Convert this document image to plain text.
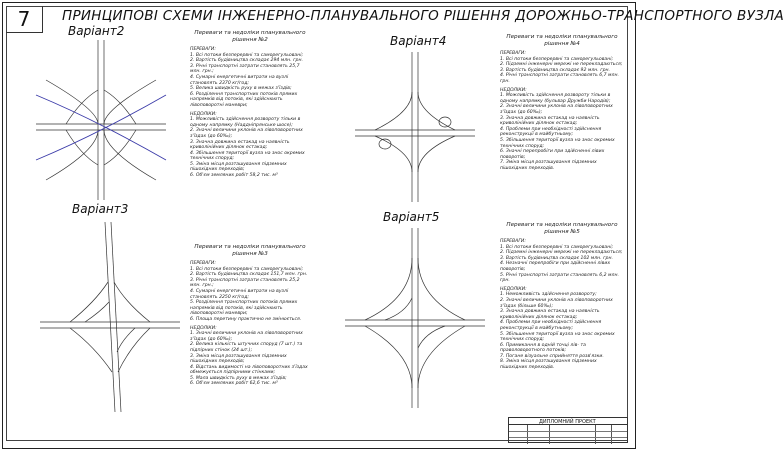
7	ПРИНЦИПОВІ СХЕМИ ІНЖЕНЕРНО-ПЛАНУВАЛЬНОГО РІШЕННЯ ДОРОЖНЬО-ТРАНСПОРТНОГО ВУЗЛА
Варіант2
Варіант3
Варіант4
Варіант5
Переваги та недоліки планувального рішення №2
ПЕРЕВАГИ:
1. Всі потоки безперервні та саморегульовані;
2. Вартість будівництва складає 294 млн. грн.
3. Річні транспортні затрати становлять 25,7 млн. грн.;
4. Сумарні енергетичні витрати на вузлі становлять 2370 кг/год;
5. Велика швидкість руху в межах з'їздів;
6. Розділення транспортних потоків прямих напрямків від потоків, які здійснюють лівоповоротні маневри;
НЕДОЛІКИ:
1. Можливість здійснення розвороту тільки в одному напрямку (Наддніпрянське шосе);
2. Значні величини уклонів на лівоповоротних з'їздах (до 60‰);
3. Значна довжина естакад на наявність криволінійних ділянок естакад;
4. Збільшення території вузла на знос окремих технічних споруд;
5. Зміна місця розташування підземних пішохідних переходів;
6. Об'єм земляних робіт 58,2 тис. м³
Переваги та недоліки планувального рішення №3
ПЕРЕВАГИ:
1. Всі потоки безперервні та саморегульовані;
2. Вартість будівництва складає 151,7 млн. грн.
3. Річні транспортні затрати становлять 25,2 млн. грн.;
4. Сумарні енергетичні витрати на вузлі становлять 2250 кг/год;
5. Розділення транспортних потоків прямих напрямків від потоків, які здійснюють лівоповоротні маневри;
6. Площа перетину практично не змінюється.
НЕДОЛІКИ:
1. Значні величини уклонів на лівоповоротних з'їздах (до 60‰);
2. Велика кількість штучних споруд (7 шт.) та підпірних стінок (24 шт.);
3. Зміна місця розташування підземних пішохідних переходів;
4. Відстань видимості на лівоповоротних з'їздах обмежується підпірними стінками;
5. Мала швидкість руху в межах з'їздів;
6. Об'єм земляних робіт 62,6 тис. м³
Переваги та недоліки планувального рішення №4
ПЕРЕВАГИ:
1. Всі потоки безперервні та саморегульовані;
2. Підземні інженерні мережі не перекладаються;
3. Вартість будівництва складає 92 млн. грн.
4. Річні транспортні затрати становлять 6,7 млн. грн.
НЕДОЛІКИ:
1. Можливість здійснення розвороту тільки в одному напрямку (бульвар Дружби Народів);
2. Значні величини уклонів на лівоповоротних з'їздах (до 60‰);
3. Значна довжина естакад на наявність криволінійних ділянок естакад;
4. Проблеми при необхідності здійснення реконструкції в майбутньому;
5. Збільшення території вузла на знос окремих технічних споруд;
6. Значні перепробіги при здійсненні лівих поворотів;
7. Зміна місця розташування підземних пішохідних переходів.
Переваги та недоліки планувального рішення №5
ПЕРЕВАГИ:
1. Всі потоки безперервні та саморегульовані;
2. Підземні інженерні мережі не перекладаються;
3. Вартість будівництва складає 102 млн. грн.
4. Незначні перепробіги при здійсненні лівих поворотів;
5. Річні транспортні затрати становлять 6,2 млн. грн.
НЕДОЛІКИ:
1. Неможливість здійснення розвороту;
2. Значні величини уклонів на лівоповоротних з'їздах (більше 60‰);
3. Значна довжина естакад на наявність криволінійних ділянок естакад;
4. Проблеми при необхідності здійснення реконструкції в майбутньому;
5. Збільшення території вузла на знос окремих технічних споруд;
6. Примикання в одній точці лів- та праволоворотного потоків;
7. Погане візуальне сприйняття розв'язки.
8. Зміна місця розташування підземних пішохідних переходів.
ДИПЛОМНИЙ ПРОЕКТ
